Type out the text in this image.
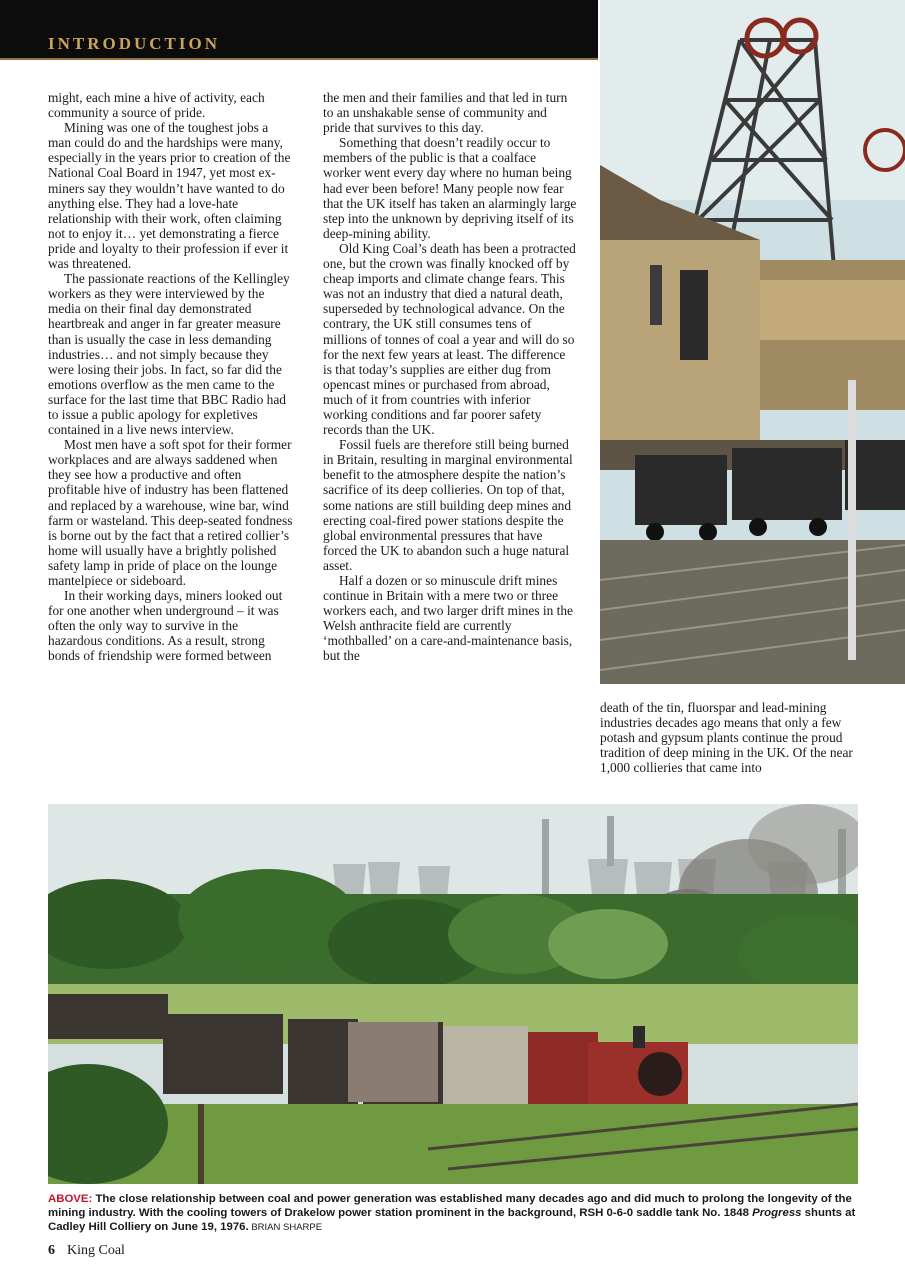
INTRODUCTION

might, each mine a hive of activity, each community a source of pride.

Mining was one of the toughest jobs a man could do and the hardships were many, especially in the years prior to creation of the National Coal Board in 1947, yet most ex-miners say they wouldn’t have wanted to do anything else. They had a love-hate relationship with their work, often claiming not to enjoy it… yet demonstrating a fierce pride and loyalty to their profession if ever it was threatened.

The passionate reactions of the Kellingley workers as they were interviewed by the media on their final day demonstrated heartbreak and anger in far greater measure than is usually the case in less demanding industries… and not simply because they were losing their jobs. In fact, so far did the emotions overflow as the men came to the surface for the last time that BBC Radio had to issue a public apology for expletives contained in a live news interview.

Most men have a soft spot for their former workplaces and are always saddened when they see how a productive and often profitable hive of industry has been flattened and replaced by a warehouse, wine bar, wind farm or wasteland. This deep-seated fondness is borne out by the fact that a retired collier’s home will usually have a brightly polished safety lamp in pride of place on the lounge mantelpiece or sideboard.

In their working days, miners looked out for one another when underground – it was often the only way to survive in the hazardous conditions. As a result, strong bonds of friendship were formed between

the men and their families and that led in turn to an unshakable sense of community and pride that survives to this day.

Something that doesn’t readily occur to members of the public is that a coalface worker went every day where no human being had ever been before! Many people now fear that the UK itself has taken an alarmingly large step into the unknown by depriving itself of its deep-mining ability.

Old King Coal’s death has been a protracted one, but the crown was finally knocked off by cheap imports and climate change fears. This was not an industry that died a natural death, superseded by technological advance. On the contrary, the UK still consumes tens of millions of tonnes of coal a year and will do so for the next few years at least. The difference is that today’s supplies are either dug from opencast mines or purchased from abroad, much of it from countries with inferior working conditions and far poorer safety records than the UK.

Fossil fuels are therefore still being burned in Britain, resulting in marginal environmental benefit to the atmosphere despite the nation’s sacrifice of its deep collieries. On top of that, some nations are still building deep mines and erecting coal-fired power stations despite the global environmental pressures that have forced the UK to abandon such a huge natural asset.

Half a dozen or so minuscule drift mines continue in Britain with a mere two or three workers each, and two larger drift mines in the Welsh anthracite field are currently ‘mothballed’ on a care-and-maintenance basis, but the

death of the tin, fluorspar and lead-mining industries decades ago means that only a few potash and gypsum plants continue the proud tradition of deep mining in the UK. Of the near 1,000 collieries that came into

ABOVE: The close relationship between coal and power generation was established many decades ago and did much to prolong the longevity of the mining industry. With the cooling towers of Drakelow power station prominent in the background, RSH 0-6-0 saddle tank No. 1848 Progress shunts at Cadley Hill Colliery on June 19, 1976. BRIAN SHARPE
6 King Coal
